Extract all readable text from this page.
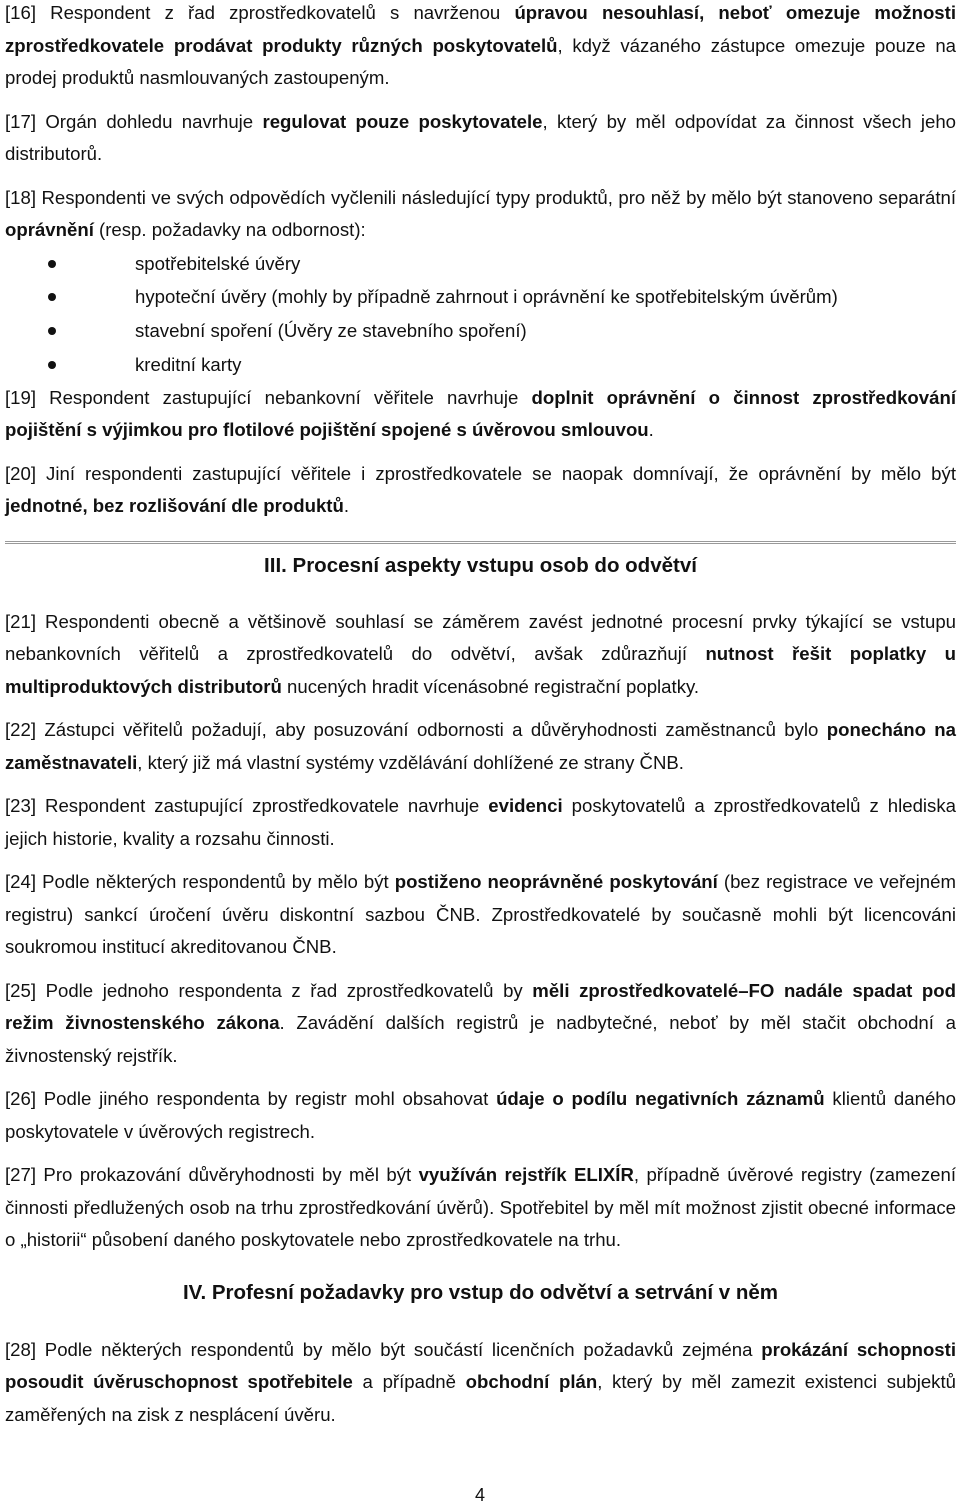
[16] Respondent z řad zprostředkovatelů s navrženou úpravou nesouhlasí, neboť omezuje možnosti zprostředkovatele prodávat produkty různých poskytovatelů, když vázaného zástupce omezuje pouze na prodej produktů nasmlouvaných zastoupeným.

[17] Orgán dohledu navrhuje regulovat pouze poskytovatele, který by měl odpovídat za činnost všech jeho distributorů.

[18] Respondenti ve svých odpovědích vyčlenili následující typy produktů, pro něž by mělo být stanoveno separátní oprávnění (resp. požadavky na odbornost):

spotřebitelské úvěry
hypoteční úvěry (mohly by případně zahrnout i oprávnění ke spotřebitelským úvěrům)
stavební spoření (Úvěry ze stavebního spoření)
kreditní karty

[19] Respondent zastupující nebankovní věřitele navrhuje doplnit oprávnění o činnost zprostředkování pojištění s výjimkou pro flotilové pojištění spojené s úvěrovou smlouvou.

[20] Jiní respondenti zastupující věřitele i zprostředkovatele se naopak domnívají, že oprávnění by mělo být jednotné, bez rozlišování dle produktů.

III. Procesní aspekty vstupu osob do odvětví

[21] Respondenti obecně a většinově souhlasí se záměrem zavést jednotné procesní prvky týkající se vstupu nebankovních věřitelů a zprostředkovatelů do odvětví, avšak zdůrazňují nutnost řešit poplatky u multiproduktových distributorů nucených hradit vícenásobné registrační poplatky.

[22] Zástupci věřitelů požadují, aby posuzování odbornosti a důvěryhodnosti zaměstnanců bylo ponecháno na zaměstnavateli, který již má vlastní systémy vzdělávání dohlížené ze strany ČNB.

[23] Respondent zastupující zprostředkovatele navrhuje evidenci poskytovatelů a zprostředkovatelů z hlediska jejich historie, kvality a rozsahu činnosti.

[24] Podle některých respondentů by mělo být postiženo neoprávněné poskytování (bez registrace ve veřejném registru) sankcí úročení úvěru diskontní sazbou ČNB. Zprostředkovatelé by současně mohli být licencováni soukromou institucí akreditovanou ČNB.

[25] Podle jednoho respondenta z řad zprostředkovatelů by měli zprostředkovatelé–FO nadále spadat pod režim živnostenského zákona. Zavádění dalších registrů je nadbytečné, neboť by měl stačit obchodní a živnostenský rejstřík.

[26] Podle jiného respondenta by registr mohl obsahovat údaje o podílu negativních záznamů klientů daného poskytovatele v úvěrových registrech.

[27] Pro prokazování důvěryhodnosti by měl být využíván rejstřík ELIXÍR, případně úvěrové registry (zamezení činnosti předlužených osob na trhu zprostředkování úvěrů). Spotřebitel by měl mít možnost zjistit obecné informace o „historii“ působení daného poskytovatele nebo zprostředkovatele na trhu.

IV. Profesní požadavky pro vstup do odvětví a setrvání v něm

[28] Podle některých respondentů by mělo být součástí licenčních požadavků zejména prokázání schopnosti posoudit úvěruschopnost spotřebitele a případně obchodní plán, který by měl zamezit existenci subjektů zaměřených na zisk z nesplácení úvěru.

4
